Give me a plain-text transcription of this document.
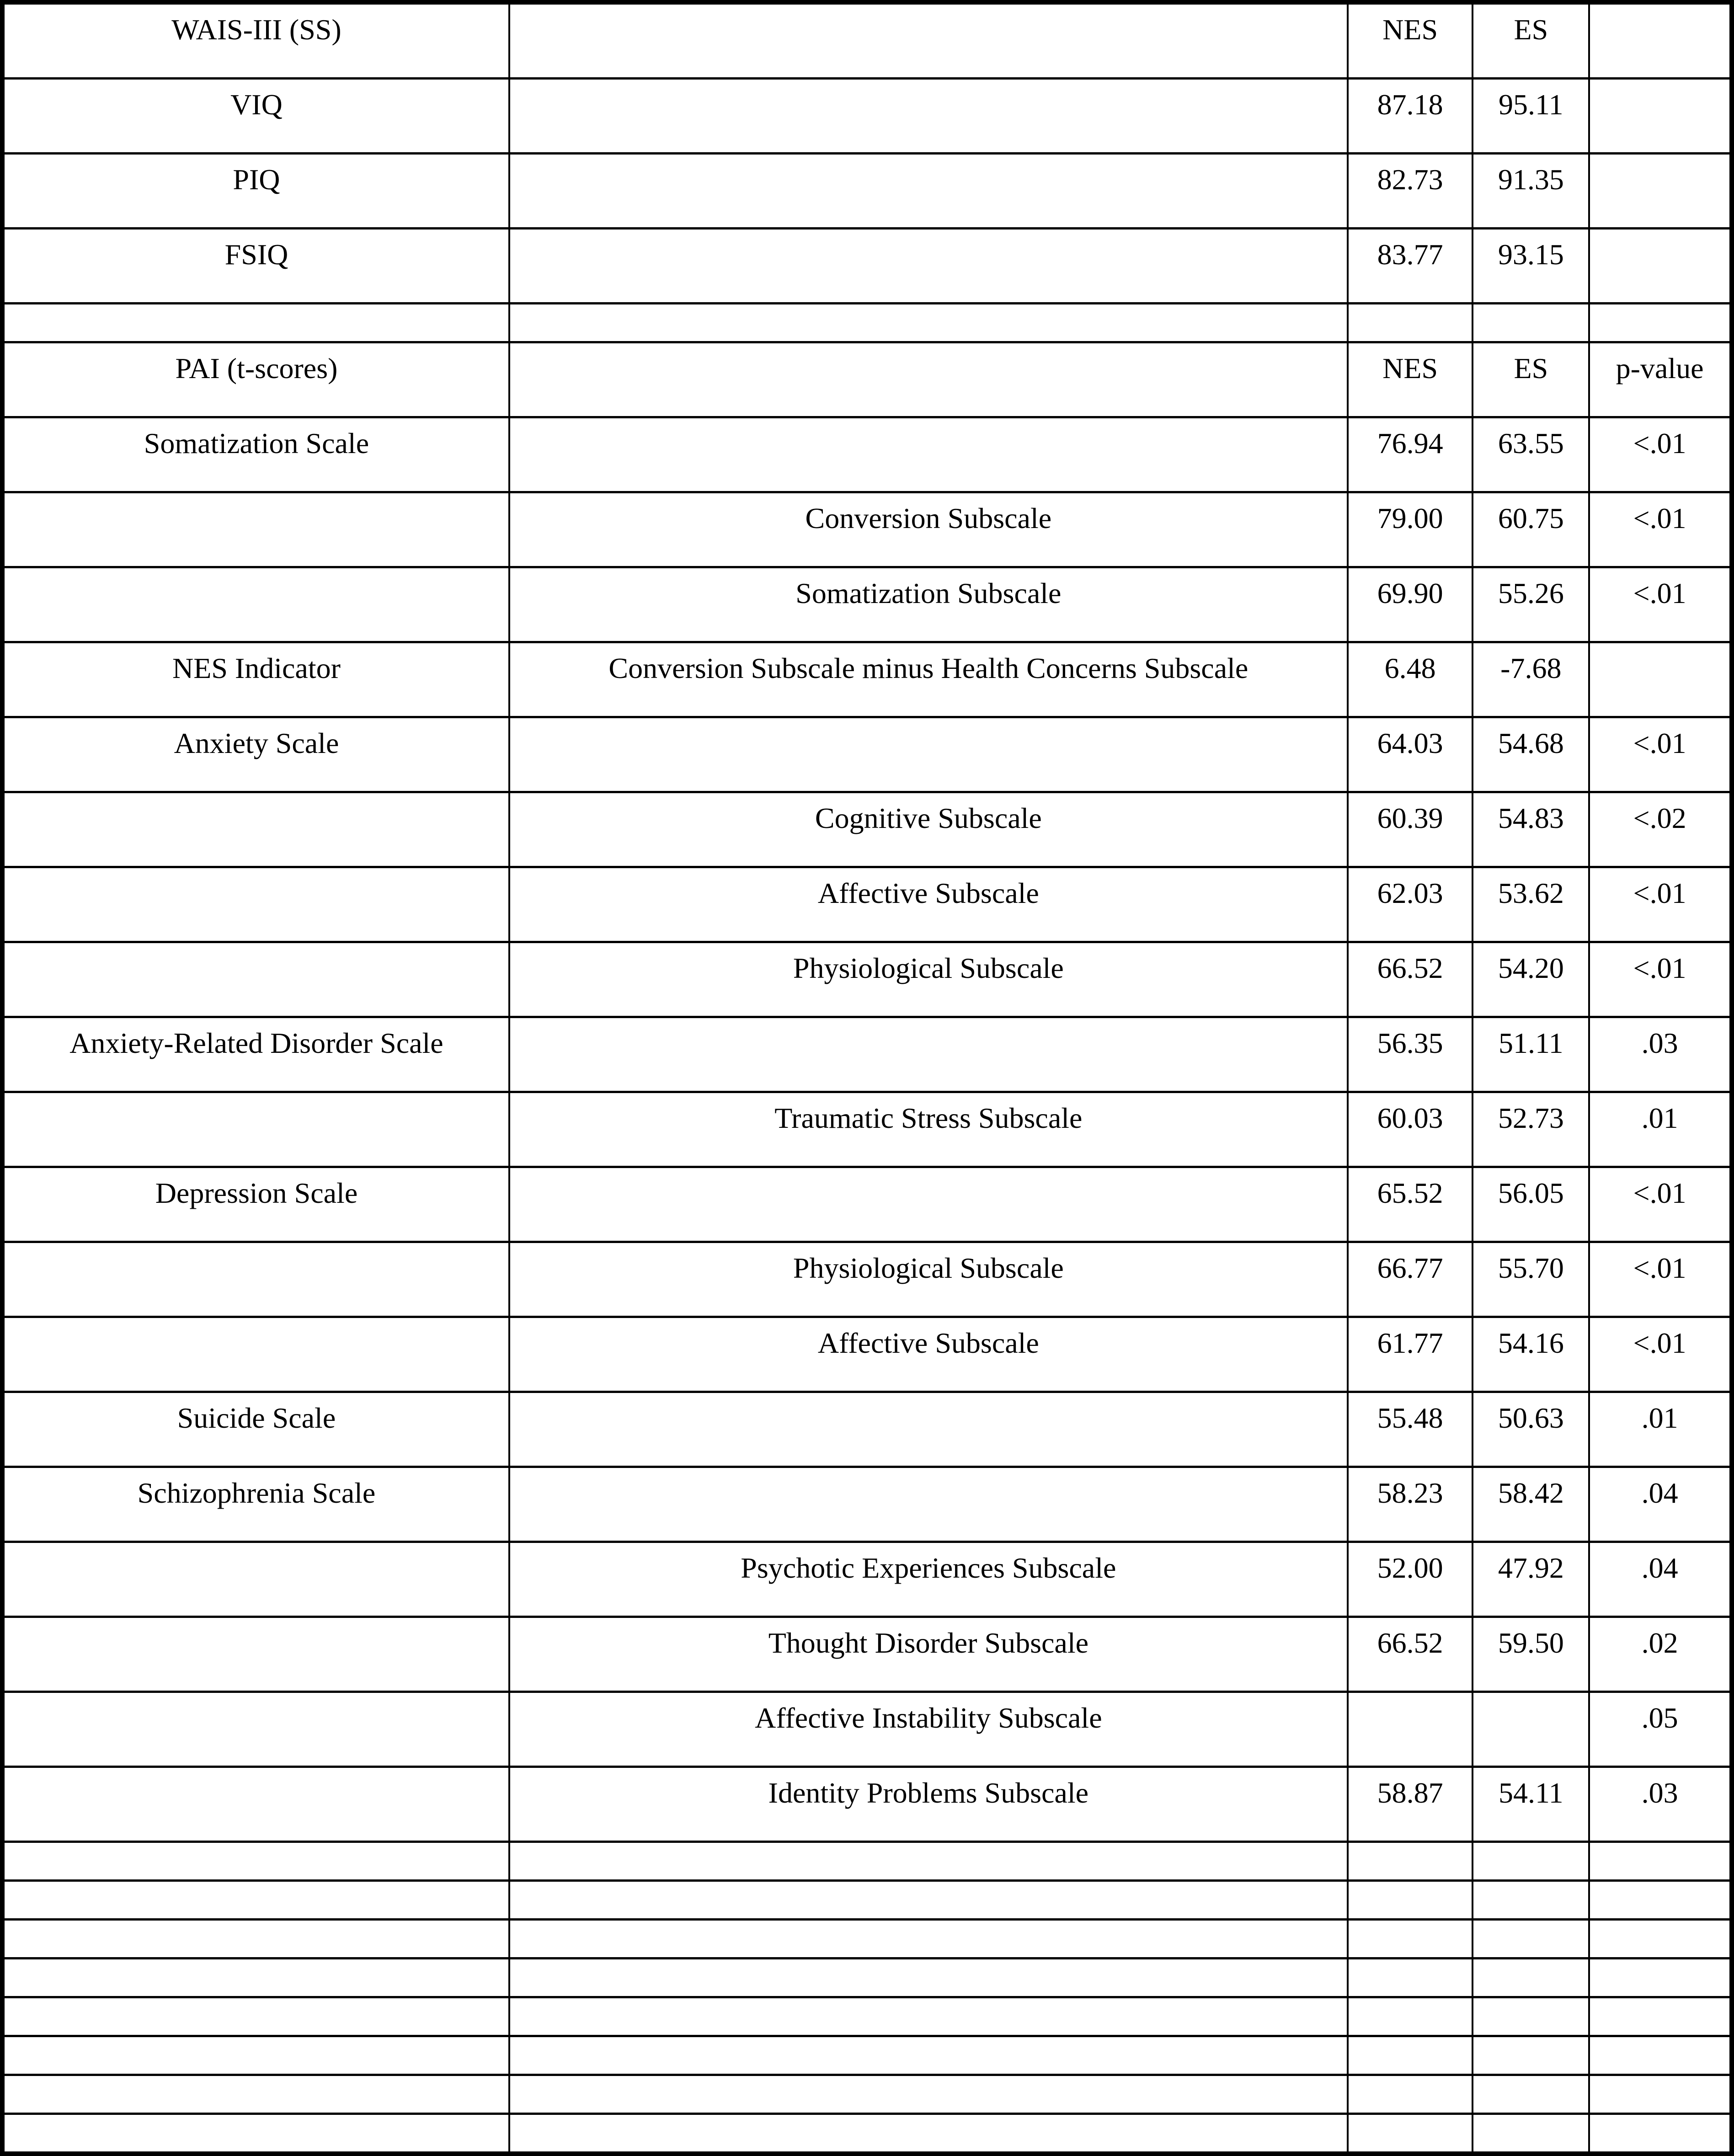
WAIS-III (SS)		NES	ES	
VIQ		87.18	95.11	
PIQ		82.73	91.35	
FSIQ		83.77	93.15	

PAI (t-scores)		NES	ES	p-value
Somatization Scale		76.94	63.55	<.01
	Conversion Subscale	79.00	60.75	<.01
	Somatization Subscale	69.90	55.26	<.01
NES Indicator	Conversion Subscale minus Health Concerns Subscale	6.48	-7.68	
Anxiety Scale		64.03	54.68	<.01
	Cognitive Subscale	60.39	54.83	<.02
	Affective Subscale	62.03	53.62	<.01
	Physiological Subscale	66.52	54.20	<.01
Anxiety-Related Disorder Scale		56.35	51.11	.03
	Traumatic Stress Subscale	60.03	52.73	.01
Depression Scale		65.52	56.05	<.01
	Physiological Subscale	66.77	55.70	<.01
	Affective Subscale	61.77	54.16	<.01
Suicide Scale		55.48	50.63	.01
Schizophrenia Scale		58.23	58.42	.04
	Psychotic Experiences Subscale	52.00	47.92	.04
	Thought Disorder Subscale	66.52	59.50	.02
	Affective Instability Subscale			.05
	Identity Problems Subscale	58.87	54.11	.03
